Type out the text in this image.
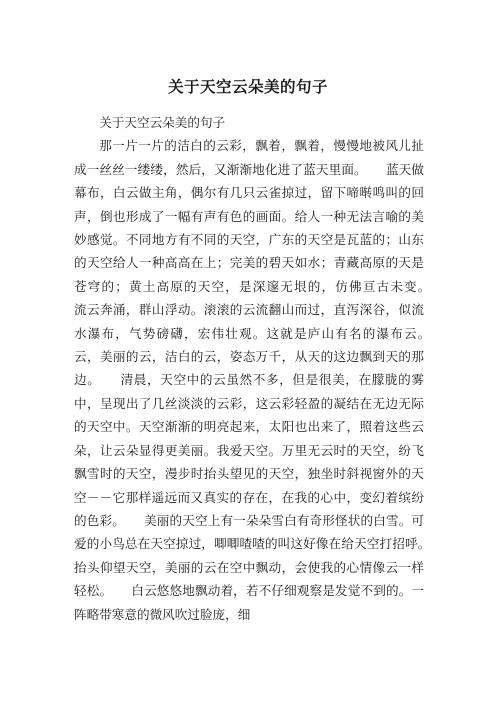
关于天空云朵美的句子

关于天空云朵美的句子

那一片一片的洁白的云彩，飘着，飘着，慢慢地被风儿扯成一丝丝一缕缕，然后，又渐渐地化进了蓝天里面。　　蓝天做幕布，白云做主角，偶尔有几只云雀掠过，留下啼啭鸣叫的回声，倒也形成了一幅有声有色的画面。给人一种无法言喻的美妙感觉。不同地方有不同的天空，广东的天空是瓦蓝的；山东的天空给人一种高高在上；完美的碧天如水；青藏高原的天是苍穹的；黄土高原的天空，是深邃无垠的，仿佛亘古未变。　　流云奔涌，群山浮动。滚滚的云流翻山而过，直泻深谷，似流水瀑布，气势磅礴，宏伟壮观。这就是庐山有名的瀑布云。　　云，美丽的云，洁白的云，姿态万千，从天的这边飘到天的那边。　　清晨，天空中的云虽然不多，但是很美，在朦胧的雾中，呈现出了几丝淡淡的云彩，这云彩轻盈的凝结在无边无际的天空中。天空渐渐的明亮起来，太阳也出来了，照着这些云朵，让云朵显得更美丽。我爱天空。万里无云时的天空，纷飞飘雪时的天空，漫步时抬头望见的天空，独坐时斜视窗外的天空－－它那样遥远而又真实的存在，在我的心中，变幻着缤纷的色彩。　　美丽的天空上有一朵朵雪白有奇形怪状的白雪。可爱的小鸟总在天空掠过，唧唧喳喳的叫这好像在给天空打招呼。　　抬头仰望天空，美丽的云在空中飘动，会使我的心情像云一样轻松。　　白云悠悠地飘动着，若不仔细观察是发觉不到的。一阵略带寒意的微风吹过脸庞，细
